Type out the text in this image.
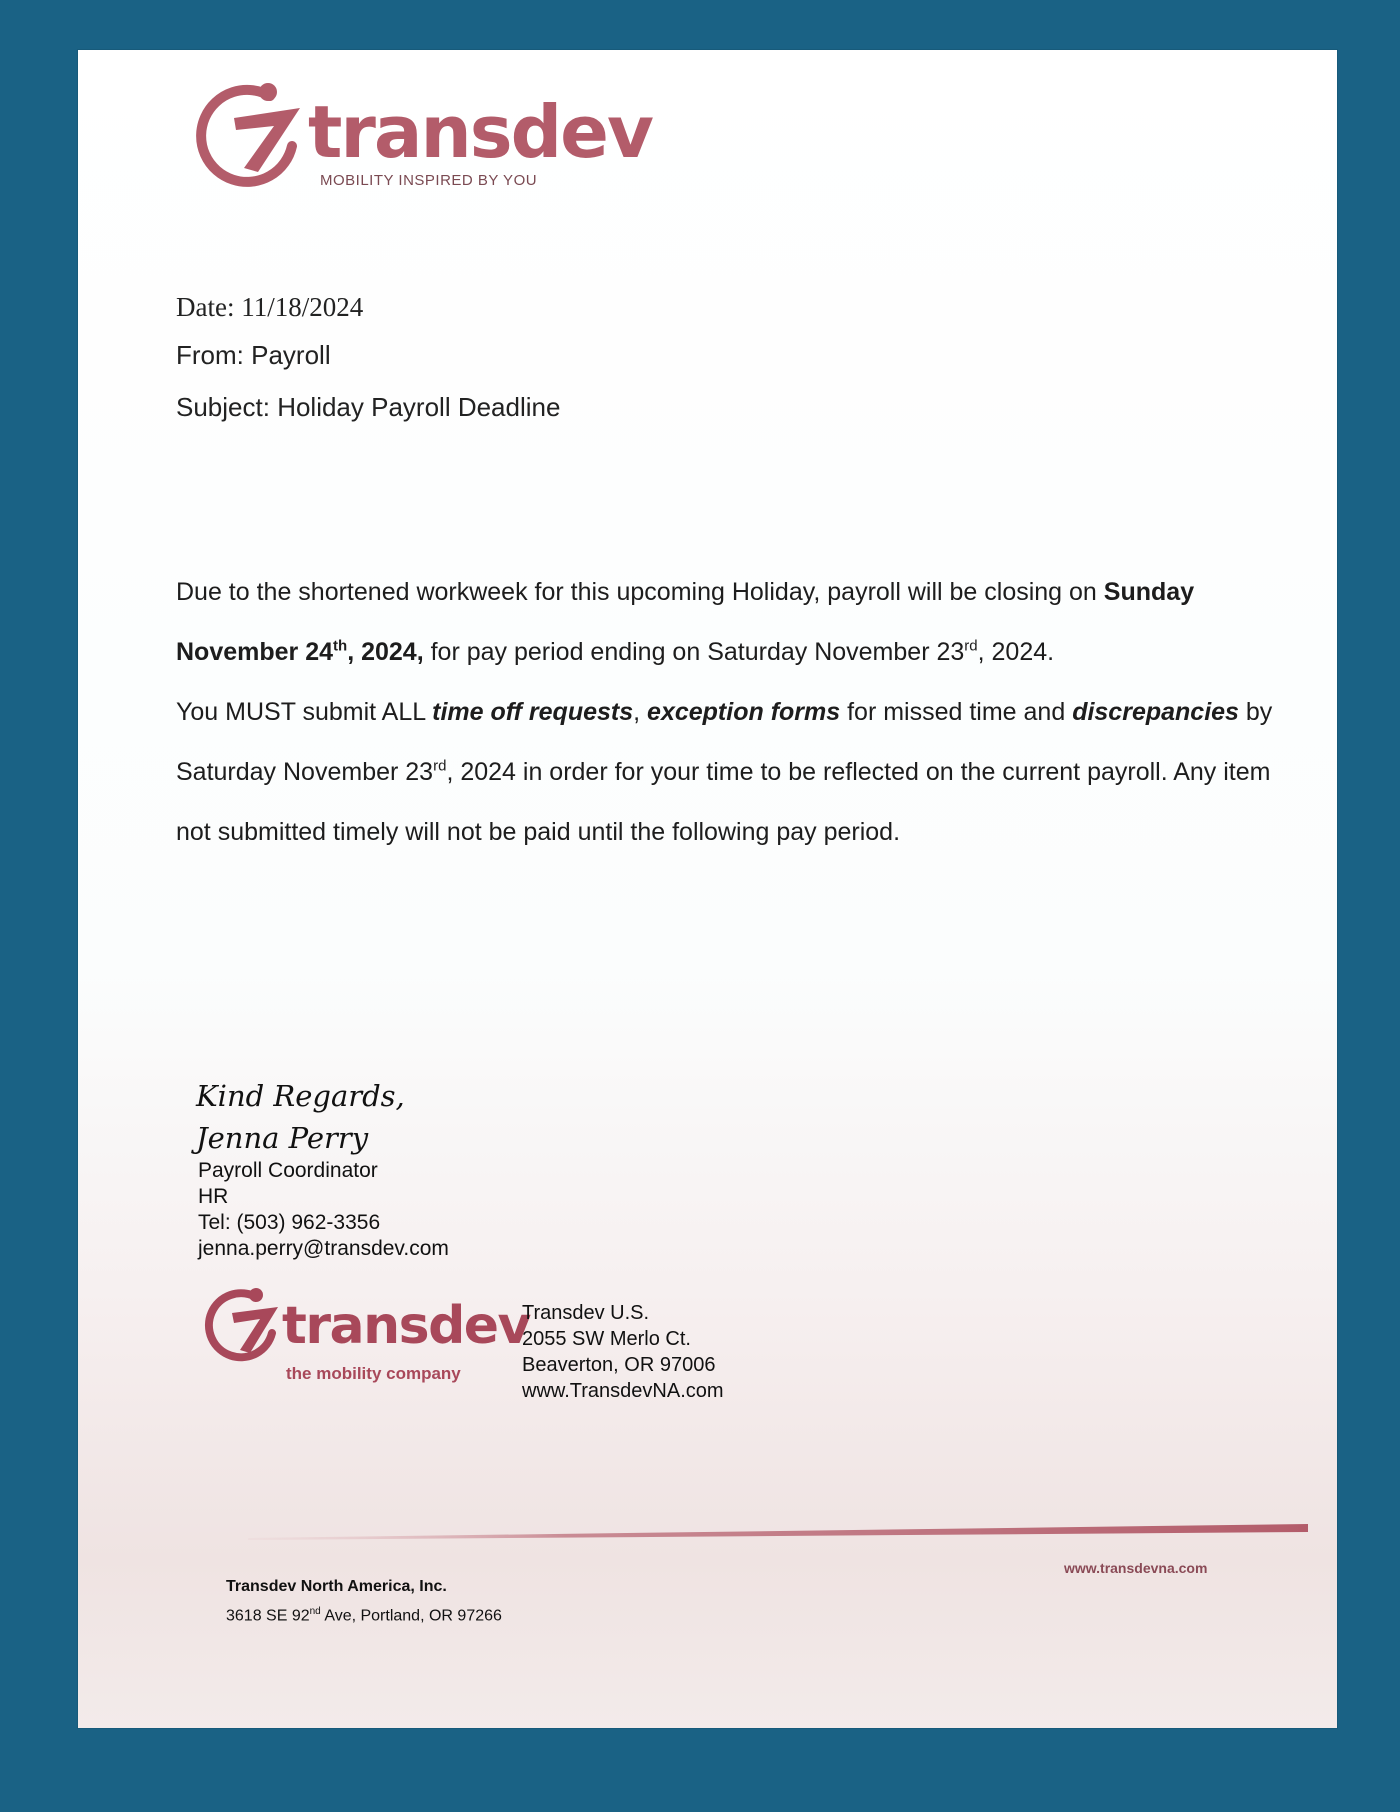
transdev
MOBILITY INSPIRED BY YOU
Date: 11/18/2024
From: Payroll
Subject: Holiday Payroll Deadline

Due to the shortened workweek for this upcoming Holiday, payroll will be closing on Sunday November 24th, 2024, for pay period ending on Saturday November 23rd, 2024.

You MUST submit ALL time off requests, exception forms for missed time and discrepancies by Saturday November 23rd, 2024 in order for your time to be reflected on the current payroll. Any item not submitted timely will not be paid until the following pay period.

Kind Regards,
Jenna Perry
Payroll Coordinator
HR
Tel: (503) 962-3356
jenna.perry@transdev.com
transdev
the mobility company
Transdev U.S.
2055 SW Merlo Ct.
Beaverton, OR 97006
www.TransdevNA.com
www.transdevna.com
Transdev North America, Inc.
3618 SE 92nd Ave, Portland, OR 97266
